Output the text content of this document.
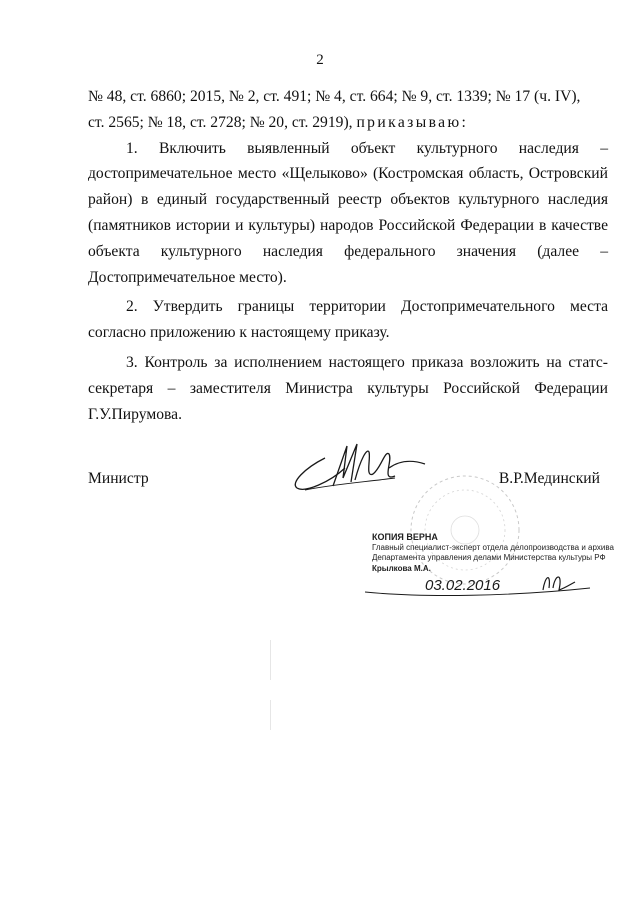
2

№ 48, ст. 6860; 2015, № 2, ст. 491; № 4, ст. 664; № 9, ст. 1339; № 17 (ч. IV),

ст. 2565; № 18, ст. 2728; № 20, ст. 2919), приказываю:

1. Включить выявленный объект культурного наследия – достопримечательное место «Щелыково» (Костромская область, Островский район) в единый государственный реестр объектов культурного наследия (памятников истории и культуры) народов Российской Федерации в качестве объекта культурного наследия федерального значения (далее – Достопримечательное место).

2. Утвердить границы территории Достопримечательного места согласно приложению к настоящему приказу.

3. Контроль за исполнением настоящего приказа возложить на статс-секретаря – заместителя Министра культуры Российской Федерации Г.У.Пирумова.

Министр	В.Р.Мединский
КОПИЯ ВЕРНА
Главный специалист-эксперт отдела делопроизводства и архива
Департамента управления делами Министерства культуры РФ
Крылкова М.А.
03.02.2016
